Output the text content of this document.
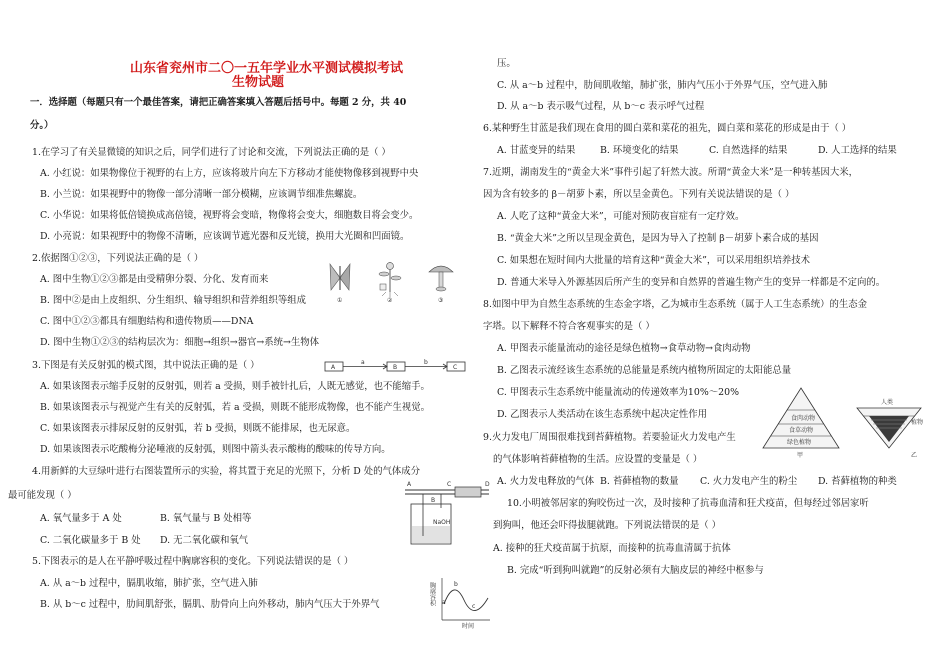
山东省兖州市二〇一五年学业水平测试模拟考试
生物试题
一．选择题（每题只有一个最佳答案，请把正确答案填入答题后括号中。每题 2 分，共 40
分。）
1.在学习了有关显微镜的知识之后，同学们进行了讨论和交流，下列说法正确的是（ ）
A. 小红说：如果物像位于视野的右上方，应该将玻片向左下方移动才能使物像移到视野中央
B. 小兰说：如果视野中的物像一部分清晰一部分模糊，应该调节细准焦螺旋。
C. 小华说：如果将低倍镜换成高倍镜，视野将会变暗，物像将会变大，细胞数目将会变少。
D. 小亮说：如果视野中的物像不清晰，应该调节遮光器和反光镜，换用大光圈和凹面镜。
2.依据图①②③，下列说法正确的是（ ）
A. 图中生物①②③都是由受精卵分裂、分化、发育而来
B. 图中②是由上皮组织、分生组织、输导组织和营养组织等组成
C. 图中①②③都具有细胞结构和遗传物质——DNA
D. 图中生物①②③的结构层次为：细胞→组织→器官→系统→生物体
①	②	③
3.下图是有关反射弧的模式图，其中说法正确的是（ ）
A. 如果该图表示缩手反射的反射弧，则若 a 受损，则手被针扎后，人既无感觉，也不能缩手。
B. 如果该图表示与视觉产生有关的反射弧，若 a 受损，则既不能形成物像，也不能产生视觉。
C. 如果该图表示排尿反射的反射弧，若 b 受损，则既不能排尿，也无尿意。
D. 如果该图表示吃酸梅分泌唾液的反射弧，则图中箭头表示酸梅的酸味的传导方向。
A
a
B
b
C
4.用新鲜的大豆绿叶进行右图装置所示的实验，将其置于充足的光照下，分析 D 处的气体成分
最可能发现（ ）
A. 氧气量多于 A 处	B. 氧气量与 B 处相等
C. 二氧化碳量多于 B 处 D. 无二氧化碳和氧气
A	C
B
D
NaOH
5.下图表示的是人在平静呼吸过程中胸廓容积的变化。下列说法错误的是（ ）
A. 从 a～b 过程中，膈肌收缩，肺扩张，空气进入肺
B. 从 b～c 过程中，肋间肌舒张，膈肌、肋骨向上向外移动，肺内气压大于外界气	胸廓容积 a
b
c
时间
压。
C. 从 a～b 过程中，肋间肌收缩，肺扩张，肺内气压小于外界气压，空气进入肺
D. 从 a～b 表示吸气过程，从 b～c 表示呼气过程
6.某种野生甘蓝是我们现在食用的圆白菜和菜花的祖先，圆白菜和菜花的形成是由于（ ）
A. 甘蓝变异的结果	B. 环境变化的结果	C. 自然选择的结果	D. 人工选择的结果
7.近期，湖南发生的“黄金大米”事件引起了轩然大波。所谓“黄金大米”是一种转基因大米，
因为含有较多的 β－胡萝卜素，所以呈金黄色。下列有关说法错误的是（ ）
A. 人吃了这种“黄金大米”，可能对预防夜盲症有一定疗效。
B. “黄金大米”之所以呈现金黄色，是因为导入了控制 β－胡萝卜素合成的基因
C. 如果想在短时间内大批量的培育这种“黄金大米”，可以采用组织培养技术
D. 普通大米导入外源基因后所产生的变异和自然界的普遍生物产生的变异一样都是不定向的。
8.如图中甲为自然生态系统的生态金字塔，乙为城市生态系统（属于人工生态系统）的生态金
字塔。以下解释不符合客观事实的是（ ）
A. 甲图表示能量流动的途径是绿色植物→食草动物→食肉动物
B. 乙图表示流经该生态系统的总能量是系统内植物所固定的太阳能总量
C. 甲图表示生态系统中能量流动的传递效率为10%～20%
D. 乙图表示人类活动在该生态系统中起决定性作用	食肉动物
食草动物
绿色植物
甲
人类
植物
乙
9.火力发电厂周围很难找到苔藓植物。若要验证火力发电产生
的气体影响苔藓植物的生活。应设置的变量是（ ）
A. 火力发电释放的气体 B. 苔藓植物的数量 C. 火力发电产生的粉尘 D. 苔藓植物的种类
10.小明被邻居家的狗咬伤过一次，及时接种了抗毒血清和狂犬疫苗，但每经过邻居家听
到狗叫，他还会吓得拔腿就跑。下列说法错误的是（ ）
A. 接种的狂犬疫苗属于抗原，而接种的抗毒血清属于抗体
B. 完成“听到狗叫就跑”的反射必须有大脑皮层的神经中枢参与
